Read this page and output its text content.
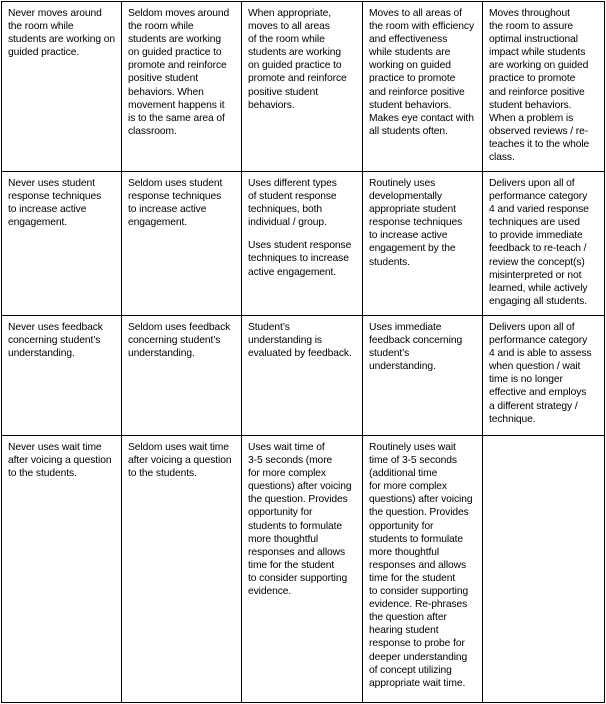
Never moves around
the room while
students are working on
guided practice.

Seldom moves around
the room while
students are working
on guided practice to
promote and reinforce
positive student
behaviors. When
movement happens it
is to the same area of
classroom.

When appropriate,
moves to all areas
of the room while
students are working
on guided practice to
promote and reinforce
positive student
behaviors.

Moves to all areas of
the room with efficiency
and effectiveness
while students are
working on guided
practice to promote
and reinforce positive
student behaviors.
Makes eye contact with
all students often.

Moves throughout
the room to assure
optimal instructional
impact while students
are working on guided
practice to promote
and reinforce positive
student behaviors.
When a problem is
observed reviews / re-
teaches it to the whole
class.

Never uses student
response techniques
to increase active
engagement.

Seldom uses student
response techniques
to increase active
engagement.

Uses different types
of student response
techniques, both
individual / group.

Uses student response
techniques to increase
active engagement.

Routinely uses
developmentally
appropriate student
response techniques
to increase active
engagement by the
students.

Delivers upon all of
performance category
4 and varied response
techniques are used
to provide immediate
feedback to re-teach /
review the concept(s)
misinterpreted or not
learned, while actively
engaging all students.

Never uses feedback
concerning student’s
understanding.

Seldom uses feedback
concerning student’s
understanding.

Student’s
understanding is
evaluated by feedback.

Uses immediate
feedback concerning
student’s
understanding.

Delivers upon all of
performance category
4 and is able to assess
when question / wait
time is no longer
effective and employs
a different strategy /
technique.

Never uses wait time
after voicing a question
to the students.

Seldom uses wait time
after voicing a question
to the students.

Uses wait time of
3-5 seconds (more
for more complex
questions) after voicing
the question. Provides
opportunity for
students to formulate
more thoughtful
responses and allows
time for the student
to consider supporting
evidence.

Routinely uses wait
time of 3-5 seconds
(additional time
for more complex
questions) after voicing
the question. Provides
opportunity for
students to formulate
more thoughtful
responses and allows
time for the student
to consider supporting
evidence. Re-phrases
the question after
hearing student
response to probe for
deeper understanding
of concept utilizing
appropriate wait time.
